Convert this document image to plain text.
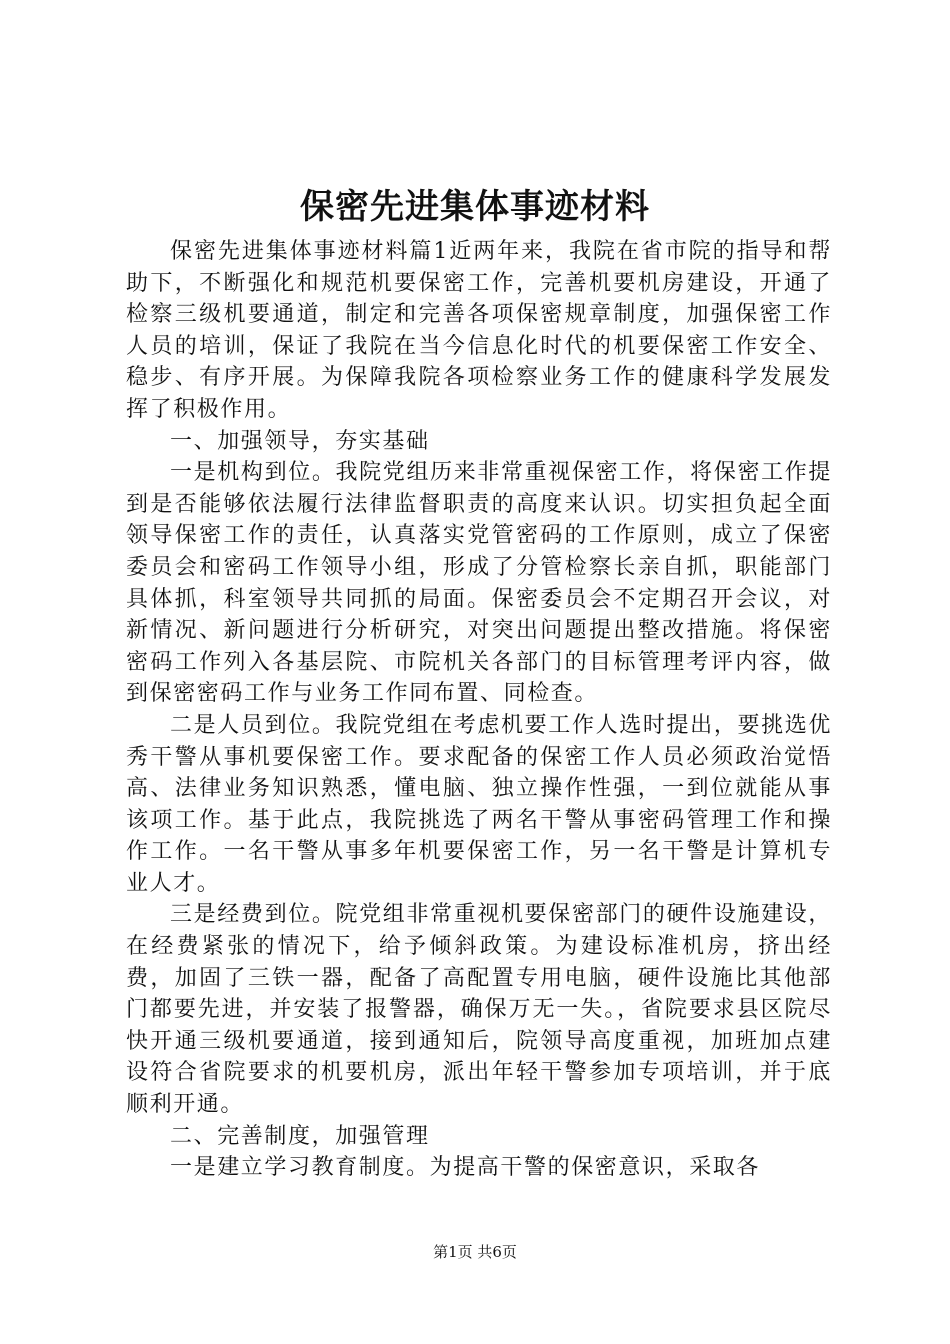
保密先进集体事迹材料

保密先进集体事迹材料篇1近两年来，我院在省市院的指导和帮助下，不断强化和规范机要保密工作，完善机要机房建设，开通了检察三级机要通道，制定和完善各项保密规章制度，加强保密工作人员的培训，保证了我院在当今信息化时代的机要保密工作安全、稳步、有序开展。为保障我院各项检察业务工作的健康科学发展发挥了积极作用。

一、加强领导，夯实基础

一是机构到位。我院党组历来非常重视保密工作，将保密工作提到是否能够依法履行法律监督职责的高度来认识。切实担负起全面领导保密工作的责任，认真落实党管密码的工作原则，成立了保密委员会和密码工作领导小组，形成了分管检察长亲自抓，职能部门具体抓，科室领导共同抓的局面。保密委员会不定期召开会议，对新情况、新问题进行分析研究，对突出问题提出整改措施。将保密密码工作列入各基层院、市院机关各部门的目标管理考评内容，做到保密密码工作与业务工作同布置、同检查。

二是人员到位。我院党组在考虑机要工作人选时提出，要挑选优秀干警从事机要保密工作。要求配备的保密工作人员必须政治觉悟高、法律业务知识熟悉，懂电脑、独立操作性强，一到位就能从事该项工作。基于此点，我院挑选了两名干警从事密码管理工作和操作工作。一名干警从事多年机要保密工作，另一名干警是计算机专业人才。

三是经费到位。院党组非常重视机要保密部门的硬件设施建设，在经费紧张的情况下，给予倾斜政策。为建设标准机房，挤出经费，加固了三铁一器，配备了高配置专用电脑，硬件设施比其他部门都要先进，并安装了报警器，确保万无一失。，省院要求县区院尽快开通三级机要通道，接到通知后，院领导高度重视，加班加点建设符合省院要求的机要机房，派出年轻干警参加专项培训，并于底顺利开通。

二、完善制度，加强管理

一是建立学习教育制度。为提高干警的保密意识，采取各

第1页 共6页
